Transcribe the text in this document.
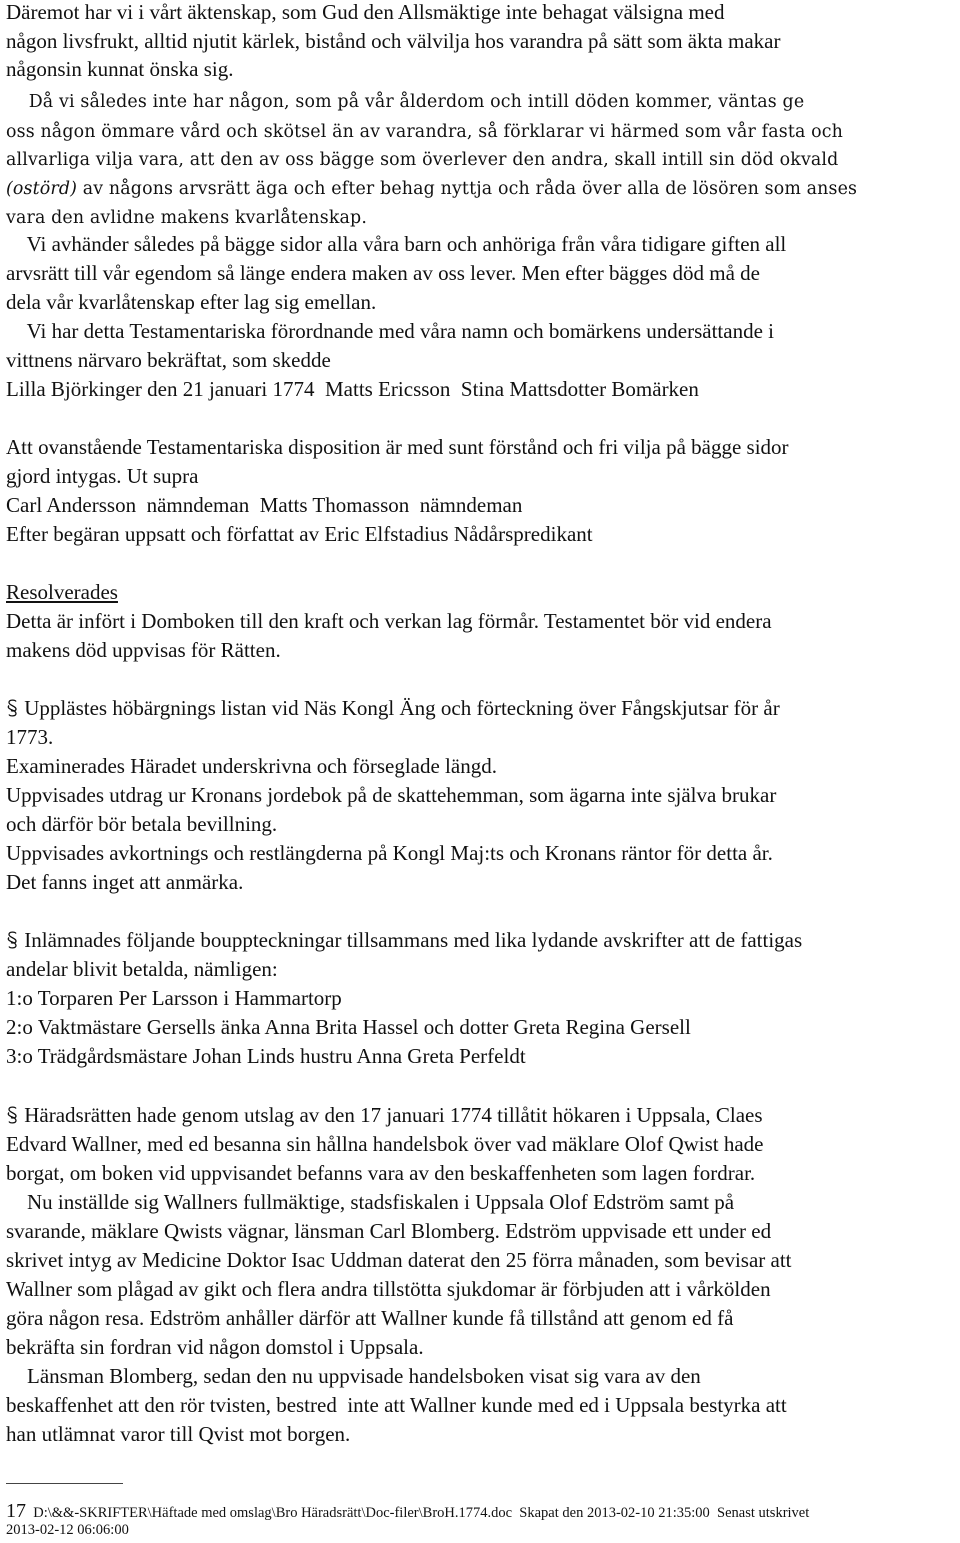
Däremot har vi i vårt äktenskap, som Gud den Allsmäktige inte behagat välsigna med
någon livsfrukt, alltid njutit kärlek, bistånd och välvilja hos varandra på sätt som äkta makar
någonsin kunnat önska sig.
Då vi således inte har någon, som på vår ålderdom och intill döden kommer, väntas ge
oss någon ömmare vård och skötsel än av varandra, så förklarar vi härmed som vår fasta och
allvarliga vilja vara, att den av oss bägge som överlever den andra, skall intill sin död okvald
(ostörd) av någons arvsrätt äga och efter behag nyttja och råda över alla de lösören som anses
vara den avlidne makens kvarlåtenskap.
Vi avhänder således på bägge sidor alla våra barn och anhöriga från våra tidigare giften all
arvsrätt till vår egendom så länge endera maken av oss lever. Men efter bägges död må de
dela vår kvarlåtenskap efter lag sig emellan.
Vi har detta Testamentariska förordnande med våra namn och bomärkens undersättande i
vittnens närvaro bekräftat, som skedde
Lilla Björkinger den 21 januari 1774  Matts Ericsson  Stina Mattsdotter Bomärken
Att ovanstående Testamentariska disposition är med sunt förstånd och fri vilja på bägge sidor
gjord intygas. Ut supra
Carl Andersson  nämndeman  Matts Thomasson  nämndeman
Efter begäran uppsatt och författat av Eric Elfstadius Nådårspredikant
Resolverades
Detta är infört i Domboken till den kraft och verkan lag förmår. Testamentet bör vid endera
makens död uppvisas för Rätten.
Upplästes höbärgnings listan vid Näs Kongl Äng och förteckning över Fångskjutsar för år
1773.
Examinerades Häradet underskrivna och förseglade längd.
Uppvisades utdrag ur Kronans jordebok på de skattehemman, som ägarna inte själva brukar
och därför bör betala bevillning.
Uppvisades avkortnings och restlängderna på Kongl Maj:ts och Kronans räntor för detta år.
Det fanns inget att anmärka.
Inlämnades följande bouppteckningar tillsammans med lika lydande avskrifter att de fattigas
andelar blivit betalda, nämligen:
1:o Torparen Per Larsson i Hammartorp
2:o Vaktmästare Gersells änka Anna Brita Hassel och dotter Greta Regina Gersell
3:o Trädgårdsmästare Johan Linds hustru Anna Greta Perfeldt
Häradsrätten hade genom utslag av den 17 januari 1774 tillåtit hökaren i Uppsala, Claes
Edvard Wallner, med ed besanna sin hållna handelsbok över vad mäklare Olof Qwist hade
borgat, om boken vid uppvisandet befanns vara av den beskaffenheten som lagen fordrar.
Nu inställde sig Wallners fullmäktige, stadsfiskalen i Uppsala Olof Edström samt på
svarande, mäklare Qwists vägnar, länsman Carl Blomberg. Edström uppvisade ett under ed
skrivet intyg av Medicine Doktor Isac Uddman daterat den 25 förra månaden, som bevisar att
Wallner som plågad av gikt och flera andra tillstötta sjukdomar är förbjuden att i vårkölden
göra någon resa. Edström anhåller därför att Wallner kunde få tillstånd att genom ed få
bekräfta sin fordran vid någon domstol i Uppsala.
Länsman Blomberg, sedan den nu uppvisade handelsboken visat sig vara av den
beskaffenhet att den rör tvisten, bestred  inte att Wallner kunde med ed i Uppsala bestyrka att
han utlämnat varor till Qvist mot borgen.
17 D:\&&-SKRIFTER\Häftade med omslag\Bro Häradsrätt\Doc-filer\BroH.1774.doc  Skapat den 2013-02-10 21:35:00  Senast utskrivet
2013-02-12 06:06:00
